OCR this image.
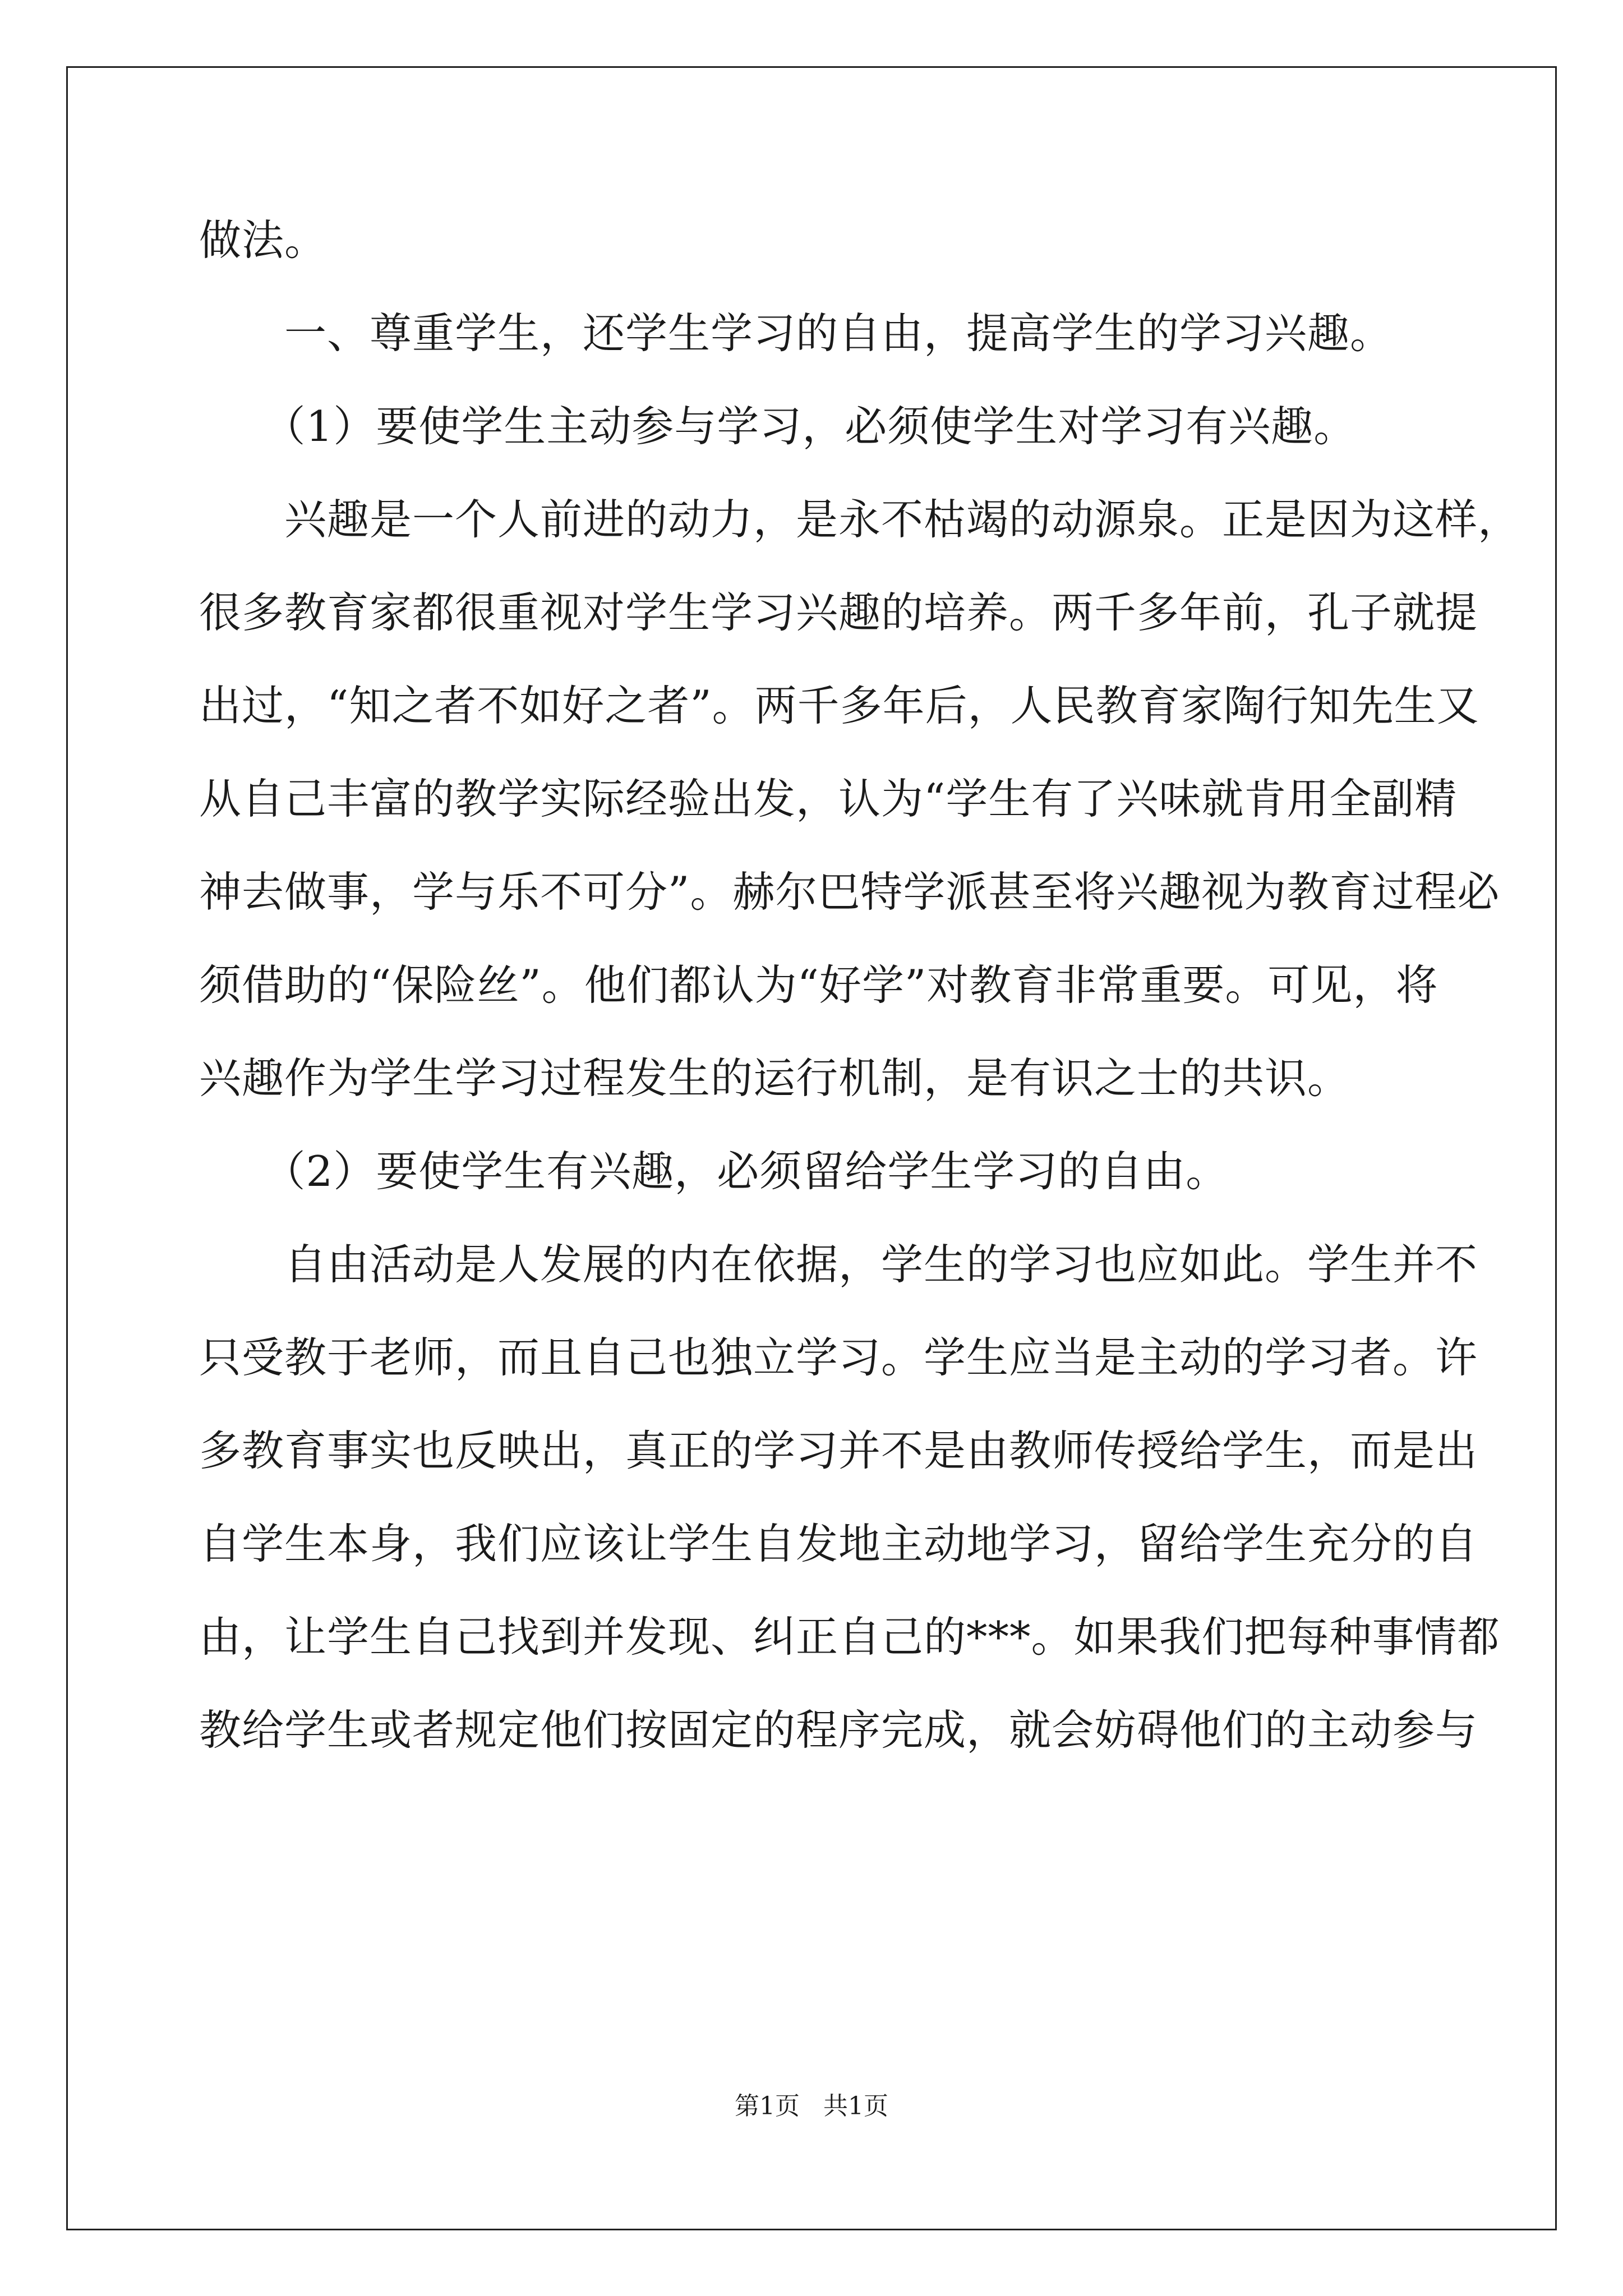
做法。
　　一、尊重学生，还学生学习的自由，提高学生的学习兴趣。
　　（1）要使学生主动参与学习，必须使学生对学习有兴趣。
　　兴趣是一个人前进的动力，是永不枯竭的动源泉。正是因为这样，
很多教育家都很重视对学生学习兴趣的培养。两千多年前，孔子就提
出过，“知之者不如好之者”。两千多年后，人民教育家陶行知先生又
从自己丰富的教学实际经验出发，认为“学生有了兴味就肯用全副精
神去做事，学与乐不可分”。赫尔巴特学派甚至将兴趣视为教育过程必
须借助的“保险丝”。他们都认为“好学”对教育非常重要。可见，将
兴趣作为学生学习过程发生的运行机制，是有识之士的共识。
　　（2）要使学生有兴趣，必须留给学生学习的自由。
　　自由活动是人发展的内在依据，学生的学习也应如此。学生并不
只受教于老师，而且自己也独立学习。学生应当是主动的学习者。许
多教育事实也反映出，真正的学习并不是由教师传授给学生，而是出
自学生本身，我们应该让学生自发地主动地学习，留给学生充分的自
由，让学生自己找到并发现、纠正自己的***。如果我们把每种事情都
教给学生或者规定他们按固定的程序完成，就会妨碍他们的主动参与
第1页   共1页
